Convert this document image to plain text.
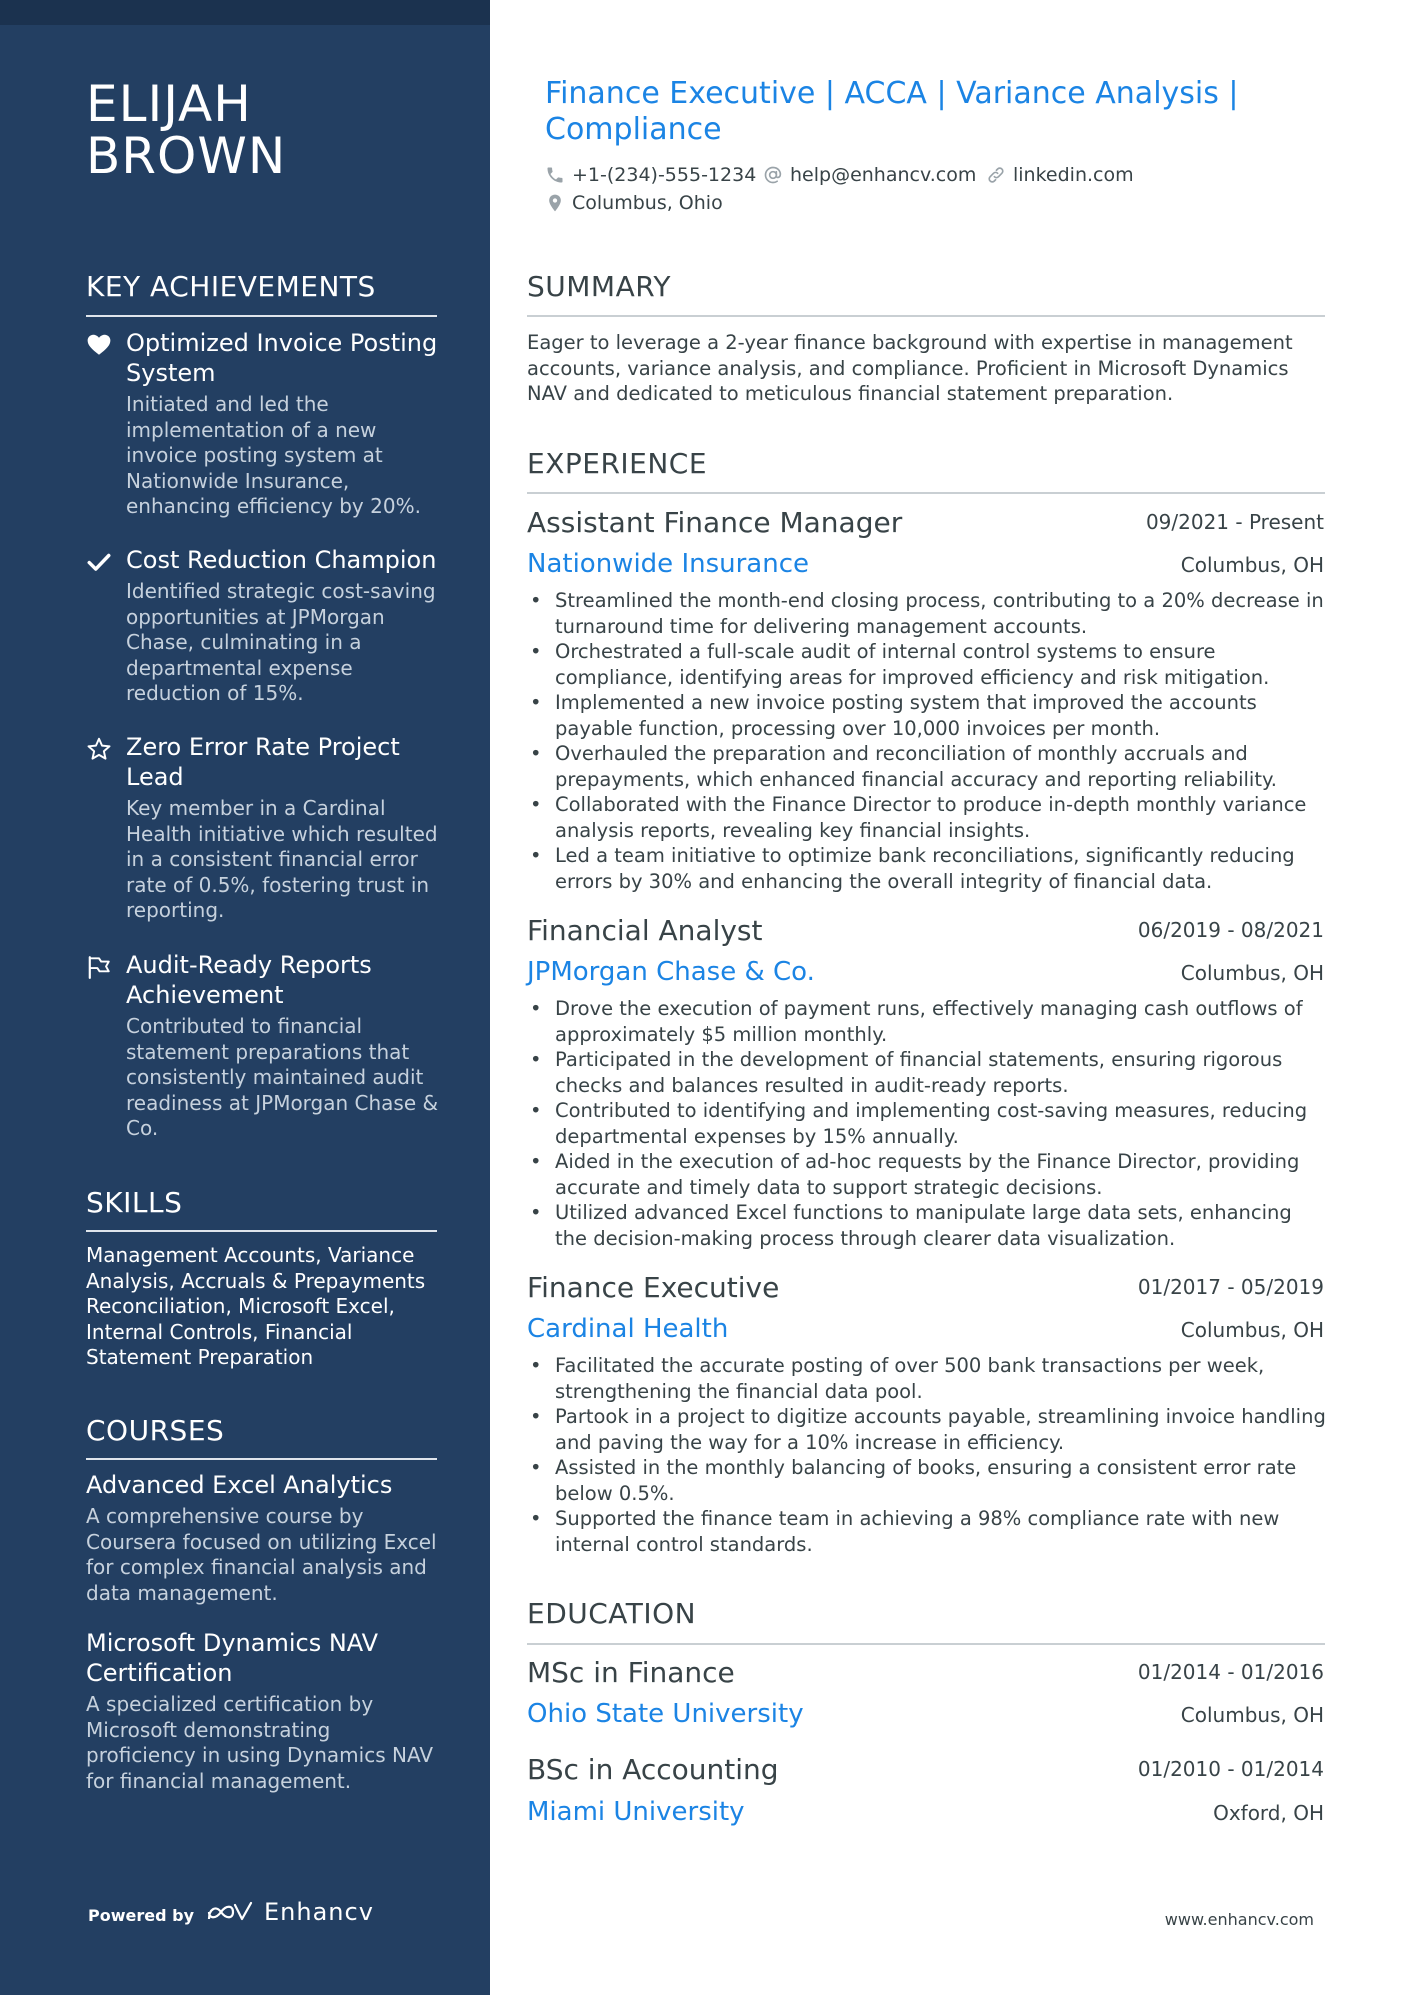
ELIJAH
BROWN
KEY ACHIEVEMENTS
Optimized Invoice Posting System
Initiated and led the implementation of a new invoice posting system at Nationwide Insurance, enhancing efficiency by 20%.
Cost Reduction Champion
Identified strategic cost-saving opportunities at JPMorgan Chase, culminating in a departmental expense reduction of 15%.
Zero Error Rate Project Lead
Key member in a Cardinal Health initiative which resulted in a consistent financial error rate of 0.5%, fostering trust in reporting.
Audit-Ready Reports Achievement
Contributed to financial statement preparations that consistently maintained audit readiness at JPMorgan Chase & Co.
SKILLS
Management Accounts, Variance Analysis, Accruals & Prepayments Reconciliation, Microsoft Excel, Internal Controls, Financial Statement Preparation
COURSES
Advanced Excel Analytics
A comprehensive course by Coursera focused on utilizing Excel for complex financial analysis and data management.
Microsoft Dynamics NAV Certification
A specialized certification by Microsoft demonstrating proficiency in using Dynamics NAV for financial management.
Powered by	Enhancv
Finance Executive | ACCA | Variance Analysis | Compliance
+1-(234)-555-1234 help@enhancv.com linkedin.com
Columbus, Ohio
SUMMARY
Eager to leverage a 2-year finance background with expertise in management accounts, variance analysis, and compliance. Proficient in Microsoft Dynamics NAV and dedicated to meticulous financial statement preparation.
EXPERIENCE
Assistant Finance Manager	09/2021 - Present
Nationwide Insurance	Columbus, OH
• Streamlined the month-end closing process, contributing to a 20% decrease in turnaround time for delivering management accounts.
• Orchestrated a full-scale audit of internal control systems to ensure compliance, identifying areas for improved efficiency and risk mitigation.
• Implemented a new invoice posting system that improved the accounts payable function, processing over 10,000 invoices per month.
• Overhauled the preparation and reconciliation of monthly accruals and prepayments, which enhanced financial accuracy and reporting reliability.
• Collaborated with the Finance Director to produce in-depth monthly variance analysis reports, revealing key financial insights.
• Led a team initiative to optimize bank reconciliations, significantly reducing errors by 30% and enhancing the overall integrity of financial data.
Financial Analyst	06/2019 - 08/2021
JPMorgan Chase & Co.	Columbus, OH
• Drove the execution of payment runs, effectively managing cash outflows of approximately $5 million monthly.
• Participated in the development of financial statements, ensuring rigorous checks and balances resulted in audit-ready reports.
• Contributed to identifying and implementing cost-saving measures, reducing departmental expenses by 15% annually.
• Aided in the execution of ad-hoc requests by the Finance Director, providing accurate and timely data to support strategic decisions.
• Utilized advanced Excel functions to manipulate large data sets, enhancing the decision-making process through clearer data visualization.
Finance Executive	01/2017 - 05/2019
Cardinal Health	Columbus, OH
• Facilitated the accurate posting of over 500 bank transactions per week, strengthening the financial data pool.
• Partook in a project to digitize accounts payable, streamlining invoice handling and paving the way for a 10% increase in efficiency.
• Assisted in the monthly balancing of books, ensuring a consistent error rate below 0.5%.
• Supported the finance team in achieving a 98% compliance rate with new internal control standards.
EDUCATION
MSc in Finance	01/2014 - 01/2016
Ohio State University	Columbus, OH
BSc in Accounting	01/2010 - 01/2014
Miami University	Oxford, OH
www.enhancv.com
